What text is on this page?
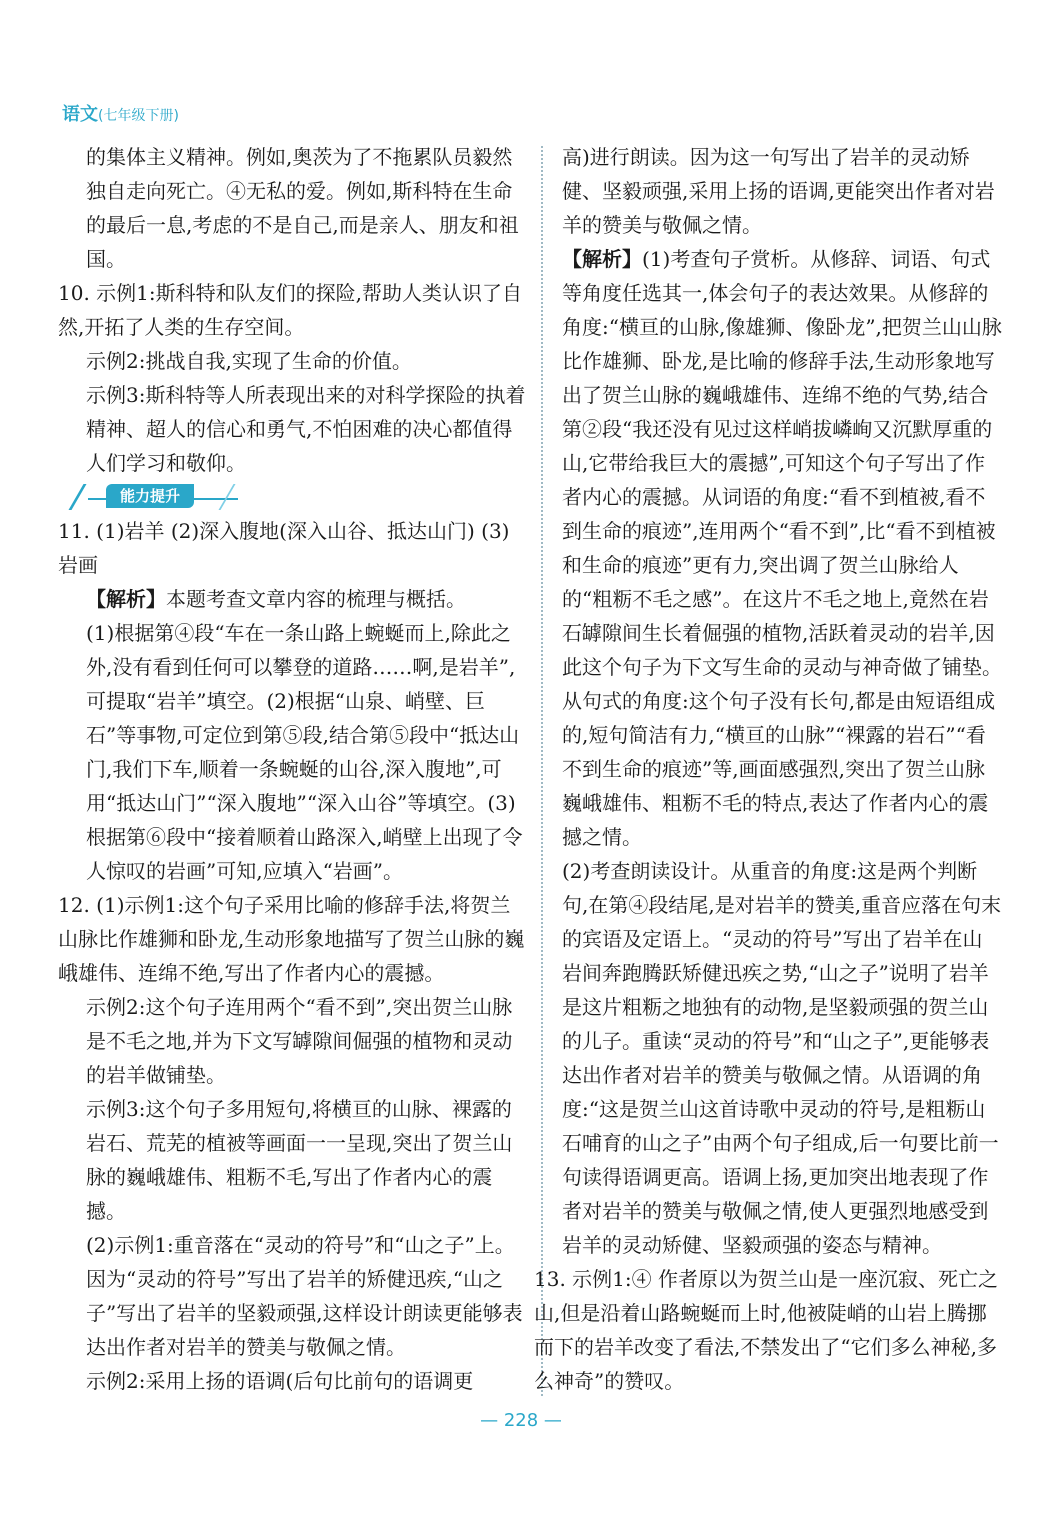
语文(七年级下册)

的集体主义精神。例如,奥茨为了不拖累队员毅然独自走向死亡。④无私的爱。例如,斯科特在生命的最后一息,考虑的不是自己,而是亲人、朋友和祖国。

10. 示例1:斯科特和队友们的探险,帮助人类认识了自然,开拓了人类的生存空间。

示例2:挑战自我,实现了生命的价值。

示例3:斯科特等人所表现出来的对科学探险的执着精神、超人的信心和勇气,不怕困难的决心都值得人们学习和敬仰。

能力提升

11. (1)岩羊 (2)深入腹地(深入山谷、抵达山门) (3)岩画

【解析】本题考查文章内容的梳理与概括。

(1)根据第④段“车在一条山路上蜿蜒而上,除此之外,没有看到任何可以攀登的道路……啊,是岩羊”,可提取“岩羊”填空。(2)根据“山泉、峭壁、巨石”等事物,可定位到第⑤段,结合第⑤段中“抵达山门,我们下车,顺着一条蜿蜒的山谷,深入腹地”,可用“抵达山门”“深入腹地”“深入山谷”等填空。(3)根据第⑥段中“接着顺着山路深入,峭壁上出现了令人惊叹的岩画”可知,应填入“岩画”。

12. (1)示例1:这个句子采用比喻的修辞手法,将贺兰山脉比作雄狮和卧龙,生动形象地描写了贺兰山脉的巍峨雄伟、连绵不绝,写出了作者内心的震撼。

示例2:这个句子连用两个“看不到”,突出贺兰山脉是不毛之地,并为下文写罅隙间倔强的植物和灵动的岩羊做铺垫。

示例3:这个句子多用短句,将横亘的山脉、裸露的岩石、荒芜的植被等画面一一呈现,突出了贺兰山脉的巍峨雄伟、粗粝不毛,写出了作者内心的震撼。

(2)示例1:重音落在“灵动的符号”和“山之子”上。因为“灵动的符号”写出了岩羊的矫健迅疾,“山之子”写出了岩羊的坚毅顽强,这样设计朗读更能够表达出作者对岩羊的赞美与敬佩之情。

示例2:采用上扬的语调(后句比前句的语调更

高)进行朗读。因为这一句写出了岩羊的灵动矫健、坚毅顽强,采用上扬的语调,更能突出作者对岩羊的赞美与敬佩之情。

【解析】(1)考查句子赏析。从修辞、词语、句式等角度任选其一,体会句子的表达效果。从修辞的角度:“横亘的山脉,像雄狮、像卧龙”,把贺兰山山脉比作雄狮、卧龙,是比喻的修辞手法,生动形象地写出了贺兰山脉的巍峨雄伟、连绵不绝的气势,结合第②段“我还没有见过这样峭拔嶙峋又沉默厚重的山,它带给我巨大的震撼”,可知这个句子写出了作者内心的震撼。从词语的角度:“看不到植被,看不到生命的痕迹”,连用两个“看不到”,比“看不到植被和生命的痕迹”更有力,突出调了贺兰山脉给人的“粗粝不毛之感”。在这片不毛之地上,竟然在岩石罅隙间生长着倔强的植物,活跃着灵动的岩羊,因此这个句子为下文写生命的灵动与神奇做了铺垫。从句式的角度:这个句子没有长句,都是由短语组成的,短句简洁有力,“横亘的山脉”“裸露的岩石”“看不到生命的痕迹”等,画面感强烈,突出了贺兰山脉巍峨雄伟、粗粝不毛的特点,表达了作者内心的震撼之情。

(2)考查朗读设计。从重音的角度:这是两个判断句,在第④段结尾,是对岩羊的赞美,重音应落在句末的宾语及定语上。“灵动的符号”写出了岩羊在山岩间奔跑腾跃矫健迅疾之势,“山之子”说明了岩羊是这片粗粝之地独有的动物,是坚毅顽强的贺兰山的儿子。重读“灵动的符号”和“山之子”,更能够表达出作者对岩羊的赞美与敬佩之情。从语调的角度:“这是贺兰山这首诗歌中灵动的符号,是粗粝山石哺育的山之子”由两个句子组成,后一句要比前一句读得语调更高。语调上扬,更加突出地表现了作者对岩羊的赞美与敬佩之情,使人更强烈地感受到岩羊的灵动矫健、坚毅顽强的姿态与精神。

13. 示例1:④ 作者原以为贺兰山是一座沉寂、死亡之山,但是沿着山路蜿蜒而上时,他被陡峭的山岩上腾挪而下的岩羊改变了看法,不禁发出了“它们多么神秘,多么神奇”的赞叹。

— 228 —
